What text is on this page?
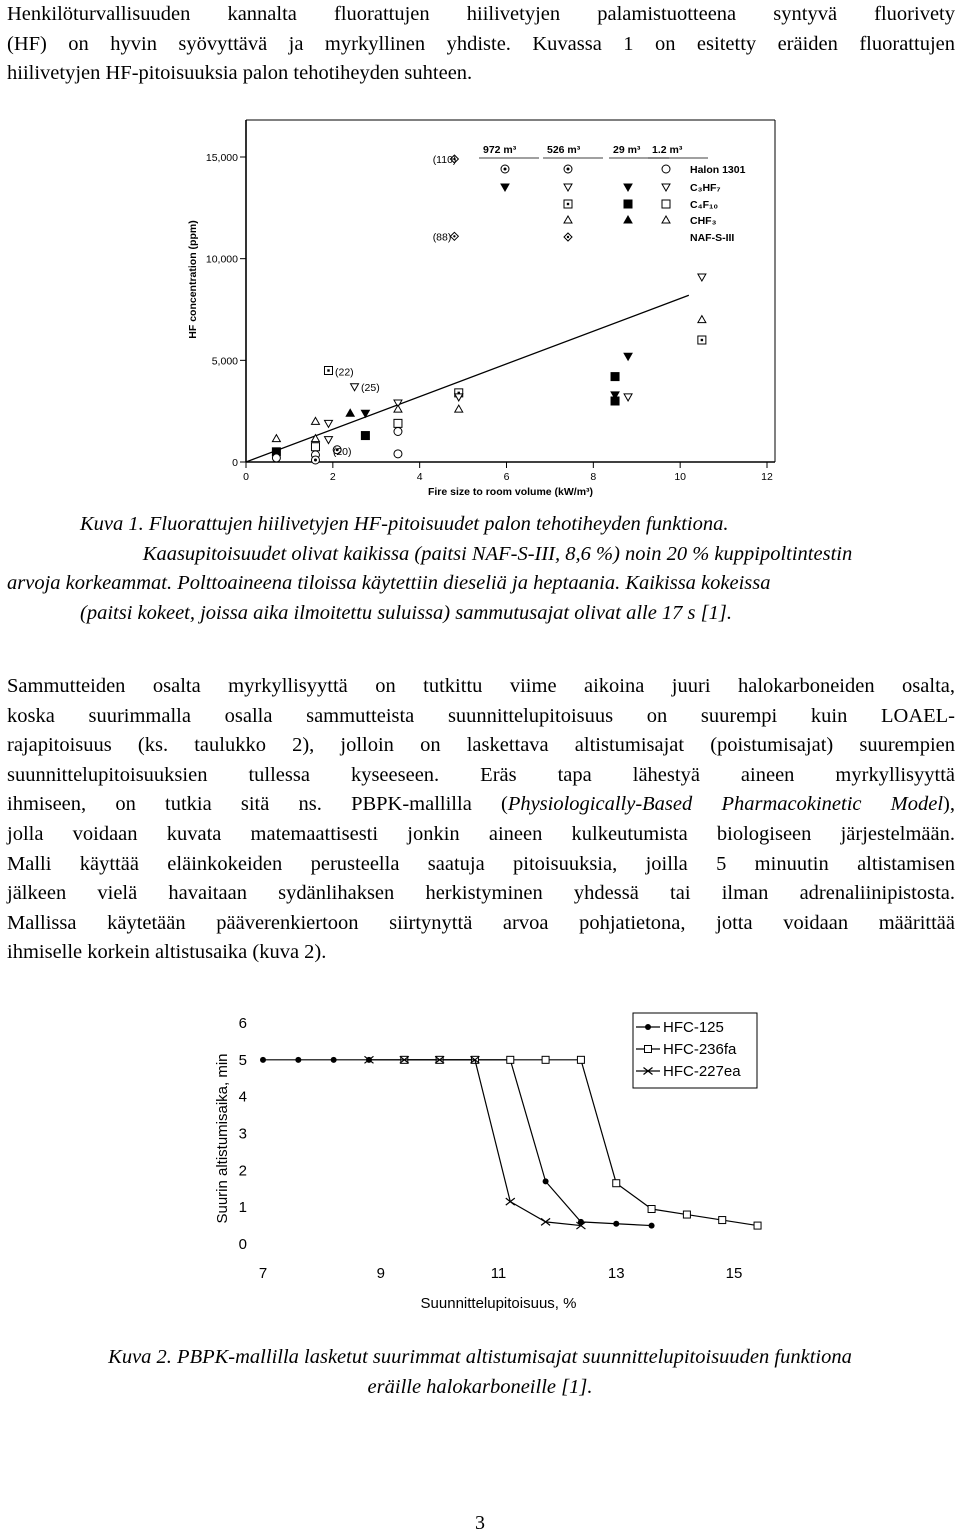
Henkilöturvallisuuden kannalta fluorattujen hiilivetyjen palamistuotteena syntyvä fluorivety
(HF) on hyvin syövyttävä ja myrkyllinen yhdiste. Kuvassa 1 on esitetty eräiden fluorattujen
hiilivetyjen HF-pitoisuuksia palon tehotiheyden suhteen.
0
5,000
10,000
15,000
0	2	4	6	8	10	12
Fire size to room volume (kW/m³)
HF concentration (ppm)
972 m³	526 m³	29 m³ 1.2 m³
Halon 1301
C₃HF₇
C₄F₁₀
CHF₃
NAF-S-III
(110)
(88)
(22)
(25)
(20)
Kuva 1. Fluorattujen hiilivetyjen HF-pitoisuudet palon tehotiheyden funktiona.
Kaasupitoisuudet olivat kaikissa (paitsi NAF-S-III, 8,6 %) noin 20 % kuppipoltintestin
arvoja korkeammat. Polttoaineena tiloissa käytettiin dieseliä ja heptaania. Kaikissa kokeissa
(paitsi kokeet, joissa aika ilmoitettu suluissa) sammutusajat olivat alle 17 s [1].
Sammutteiden osalta myrkyllisyyttä on tutkittu viime aikoina juuri halokarboneiden osalta,
koska suurimmalla osalla sammutteista suunnittelupitoisuus on suurempi kuin LOAEL-
rajapitoisuus (ks. taulukko 2), jolloin on laskettava altistumisajat (poistumisajat) suurempien
suunnittelupitoisuuksien tullessa kyseeseen. Eräs tapa lähestyä aineen myrkyllisyyttä
ihmiseen, on tutkia sitä ns. PBPK-mallilla (Physiologically-Based Pharmacokinetic Model),
jolla voidaan kuvata matemaattisesti jonkin aineen kulkeutumista biologiseen järjestelmään.
Malli käyttää eläinkokeiden perusteella saatuja pitoisuuksia, joilla 5 minuutin altistamisen
jälkeen vielä havaitaan sydänlihaksen herkistyminen yhdessä tai ilman adrenaliinipistosta.
Mallissa käytetään pääverenkiertoon siirtynyttä arvoa pohjatietona, jotta voidaan määrittää
ihmiselle korkein altistusaika (kuva 2).
0
1
2
3
4
5
6
7	9	11	13	15
Suunnittelupitoisuus, %
Suurin altistumisaika, min
HFC-125
HFC-236fa
HFC-227ea
Kuva 2. PBPK-mallilla lasketut suurimmat altistumisajat suunnittelupitoisuuden funktiona
eräille halokarboneille [1].
3
